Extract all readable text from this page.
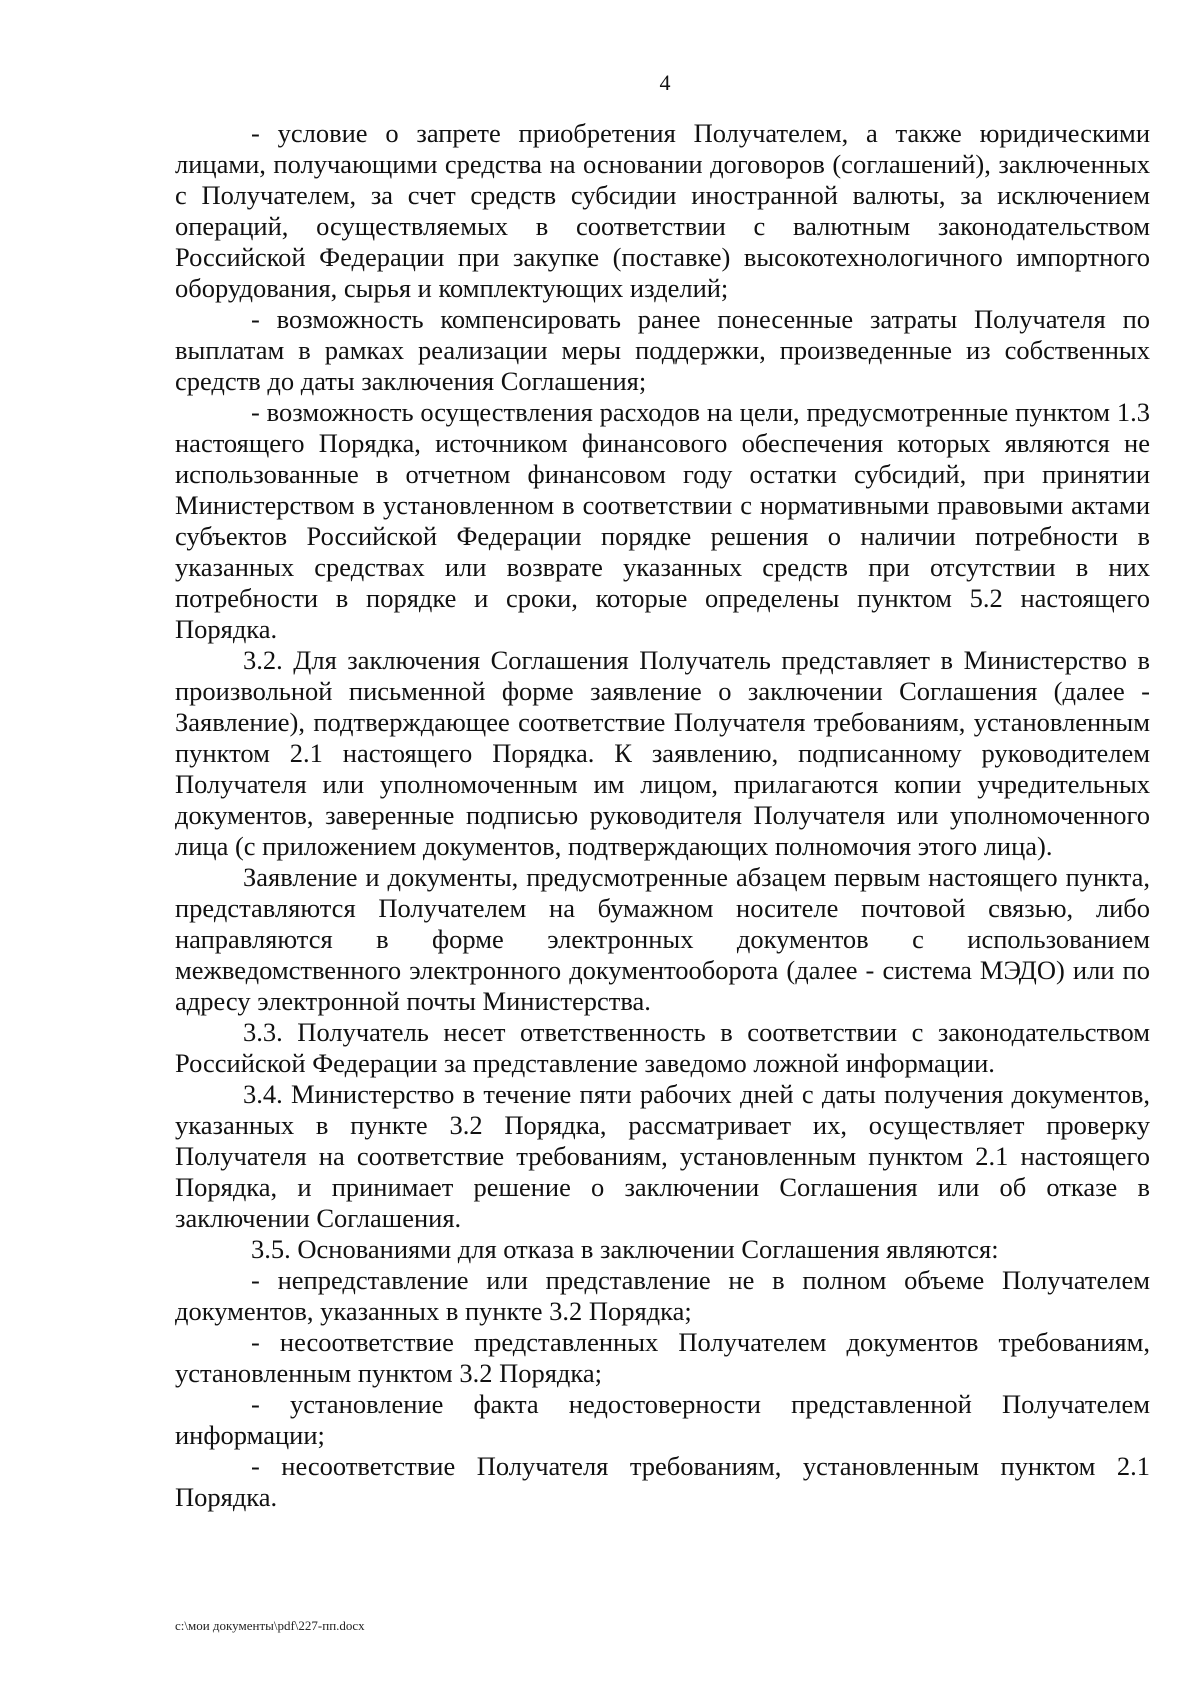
4

- условие о запрете приобретения Получателем, а также юридическими лицами, получающими средства на основании договоров (соглашений), заключенных с Получателем, за счет средств субсидии иностранной валюты, за исключением операций, осуществляемых в соответствии с валютным законодательством Российской Федерации при закупке (поставке) высокотехнологичного импортного оборудования, сырья и комплектующих изделий;

- возможность компенсировать ранее понесенные затраты Получателя по выплатам в рамках реализации меры поддержки, произведенные из собственных средств до даты заключения Соглашения;

- возможность осуществления расходов на цели, предусмотренные пунктом 1.3 настоящего Порядка, источником финансового обеспечения которых являются не использованные в отчетном финансовом году остатки субсидий, при принятии Министерством в установленном в соответствии с нормативными правовыми актами субъектов Российской Федерации порядке решения о наличии потребности в указанных средствах или возврате указанных средств при отсутствии в них потребности в порядке и сроки, которые определены пунктом 5.2 настоящего Порядка.

3.2. Для заключения Соглашения Получатель представляет в Министерство в произвольной письменной форме заявление о заключении Соглашения (далее - Заявление), подтверждающее соответствие Получателя требованиям, установленным пунктом 2.1 настоящего Порядка. К заявлению, подписанному руководителем Получателя или уполномоченным им лицом, прилагаются копии учредительных документов, заверенные подписью руководителя Получателя или уполномоченного лица (с приложением документов, подтверждающих полномочия этого лица).

Заявление и документы, предусмотренные абзацем первым настоящего пункта, представляются Получателем на бумажном носителе почтовой связью, либо направляются в форме электронных документов с использованием межведомственного электронного документооборота (далее - система МЭДО) или по адресу электронной почты Министерства.

3.3. Получатель несет ответственность в соответствии с законодательством Российской Федерации за представление заведомо ложной информации.

3.4. Министерство в течение пяти рабочих дней с даты получения документов, указанных в пункте 3.2 Порядка, рассматривает их, осуществляет проверку Получателя на соответствие требованиям, установленным пунктом 2.1 настоящего Порядка, и принимает решение о заключении Соглашения или об отказе в заключении Соглашения.

3.5. Основаниями для отказа в заключении Соглашения являются:

- непредставление или представление не в полном объеме Получателем документов, указанных в пункте 3.2 Порядка;

- несоответствие представленных Получателем документов требованиям, установленным пунктом 3.2 Порядка;

- установление факта недостоверности представленной Получателем информации;

- несоответствие Получателя требованиям, установленным пунктом 2.1 Порядка.

c:\мои документы\pdf\227-пп.docx
